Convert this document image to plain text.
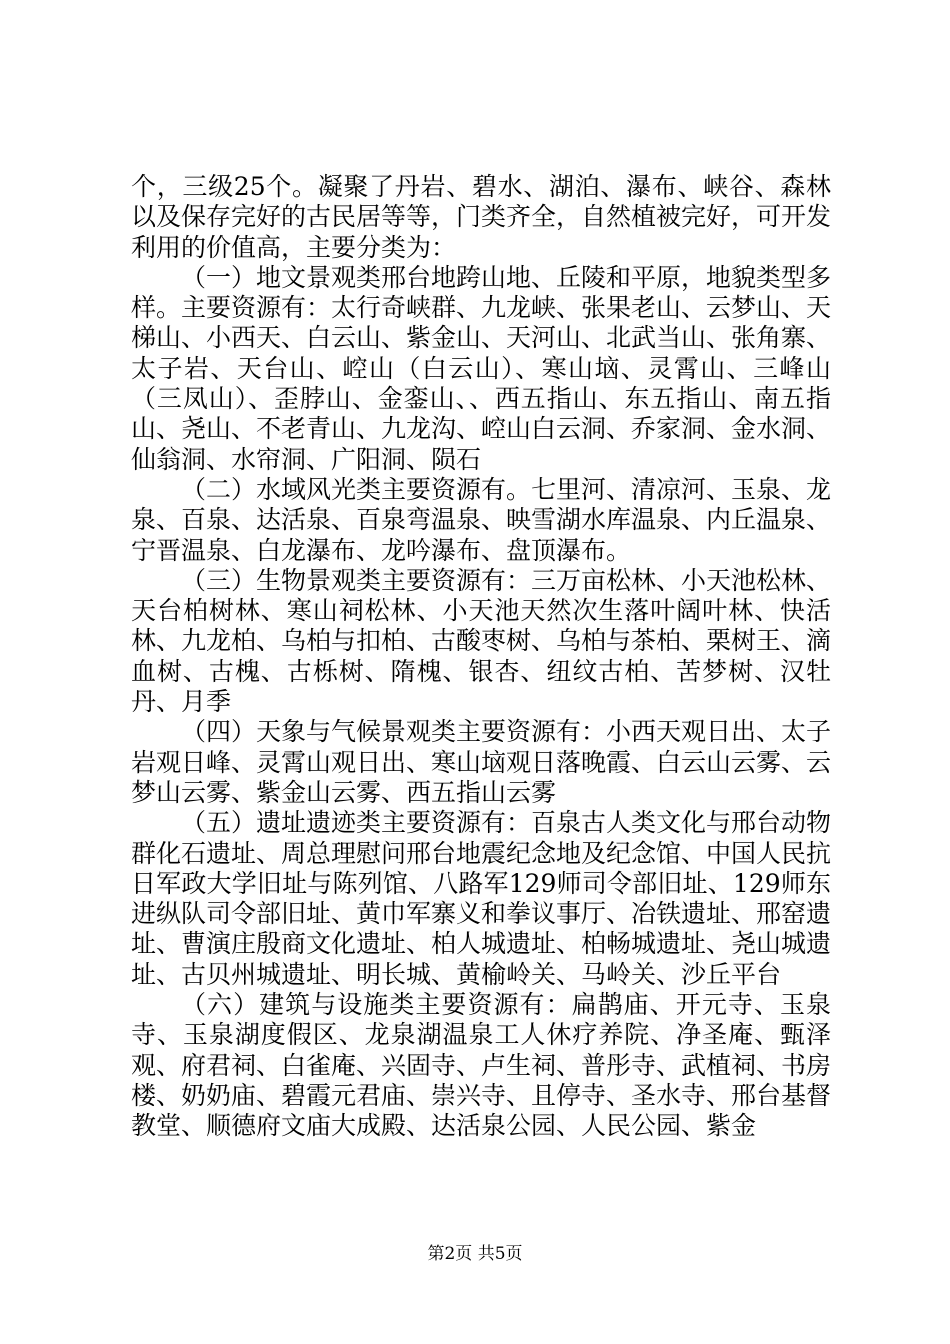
个，三级25个。凝聚了丹岩、碧水、湖泊、瀑布、峡谷、森林以及保存完好的古民居等等，门类齐全，自然植被完好，可开发利用的价值高，主要分类为：

（一）地文景观类邢台地跨山地、丘陵和平原，地貌类型多样。主要资源有：太行奇峡群、九龙峡、张果老山、云梦山、天梯山、小西天、白云山、紫金山、天河山、北武当山、张角寨、太子岩、天台山、崆山（白云山）、寒山垴、灵霄山、三峰山（三凤山）、歪脖山、金銮山、、西五指山、东五指山、南五指山、尧山、不老青山、九龙沟、崆山白云洞、乔家洞、金水洞、仙翁洞、水帘洞、广阳洞、陨石

（二）水域风光类主要资源有。七里河、清凉河、玉泉、龙泉、百泉、达活泉、百泉弯温泉、映雪湖水库温泉、内丘温泉、宁晋温泉、白龙瀑布、龙吟瀑布、盘顶瀑布。

（三）生物景观类主要资源有：三万亩松林、小天池松林、天台柏树林、寒山祠松林、小天池天然次生落叶阔叶林、快活林、九龙柏、乌柏与扣柏、古酸枣树、乌柏与茶柏、栗树王、滴血树、古槐、古栎树、隋槐、银杏、纽纹古柏、苦梦树、汉牡丹、月季

（四）天象与气候景观类主要资源有：小西天观日出、太子岩观日峰、灵霄山观日出、寒山垴观日落晚霞、白云山云雾、云梦山云雾、紫金山云雾、西五指山云雾

（五）遗址遗迹类主要资源有：百泉古人类文化与邢台动物群化石遗址、周总理慰问邢台地震纪念地及纪念馆、中国人民抗日军政大学旧址与陈列馆、八路军129师司令部旧址、129师东进纵队司令部旧址、黄巾军寨义和拳议事厅、冶铁遗址、邢窑遗址、曹演庄殷商文化遗址、柏人城遗址、柏畅城遗址、尧山城遗址、古贝州城遗址、明长城、黄榆岭关、马岭关、沙丘平台

（六）建筑与设施类主要资源有：扁鹊庙、开元寺、玉泉寺、玉泉湖度假区、龙泉湖温泉工人休疗养院、净圣庵、甄泽观、府君祠、白雀庵、兴固寺、卢生祠、普彤寺、武植祠、书房楼、奶奶庙、碧霞元君庙、崇兴寺、且停寺、圣水寺、邢台基督教堂、顺德府文庙大成殿、达活泉公园、人民公园、紫金

第2页 共5页
